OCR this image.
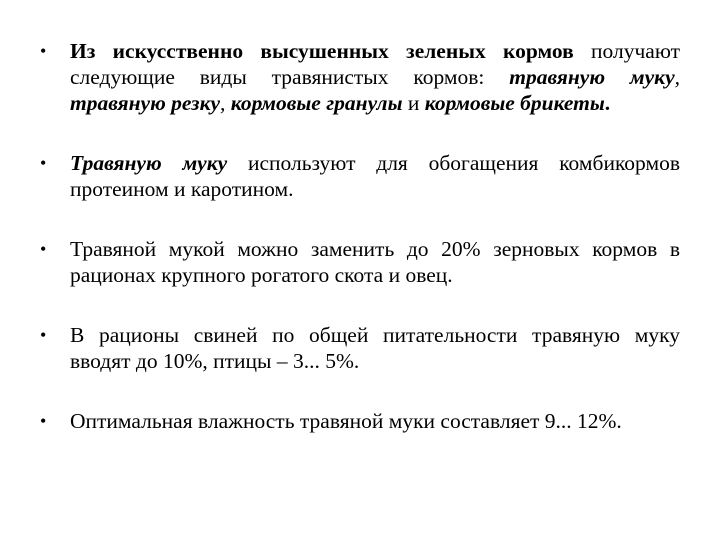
•	Из искусственно высушенных зеленых кормов получают следующие виды травянистых кормов: травяную муку, травяную резку, кормовые гранулы и кормовые брикеты.
•	Травяную муку используют для обогащения комбикормов протеином и каротином.
•	Травяной мукой можно заменить до 20% зерновых кормов в рационах крупного рогатого скота и овец.
•	В рационы свиней по общей питательности травяную муку вводят до 10%, птицы – 3... 5%.
•	Оптимальная влажность травяной муки составляет 9... 12%.
